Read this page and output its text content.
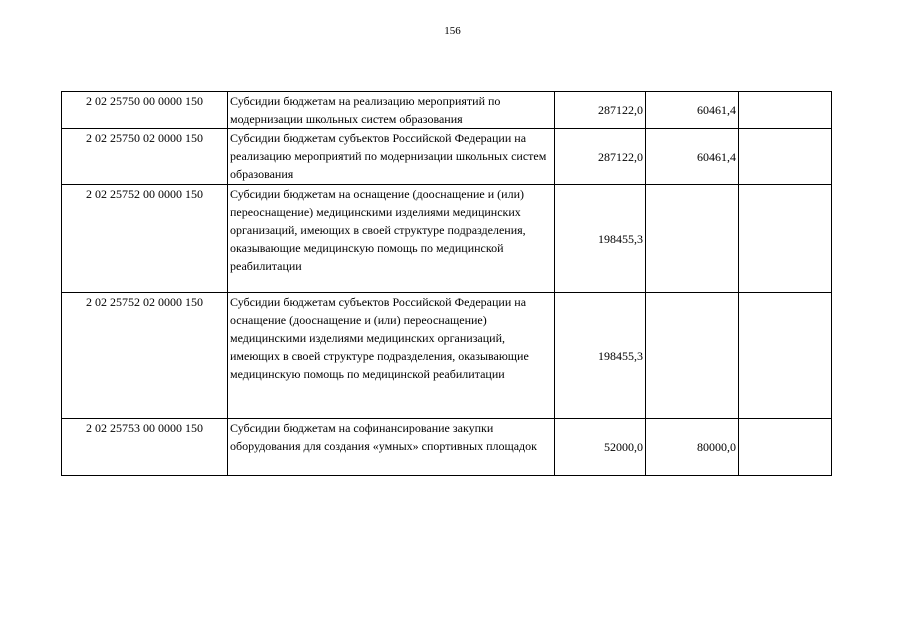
156
2 02 25750 00 0000 150	Субсидии бюджетам на реализацию мероприятий по модернизации школьных систем образования	287122,0	60461,4	
2 02 25750 02 0000 150	Субсидии бюджетам субъектов Российской Федерации на реализацию мероприятий по модернизации школьных систем образования	287122,0	60461,4	
2 02 25752 00 0000 150	Субсидии бюджетам на оснащение (дооснащение и (или) переоснащение) медицинскими изделиями медицинских организаций, имеющих в своей структуре подразделения, оказывающие медицинскую помощь по медицинской реабилитации	198455,3		
2 02 25752 02 0000 150	Субсидии бюджетам субъектов Российской Федерации на оснащение (дооснащение и (или) переоснащение) медицинскими изделиями медицинских организаций, имеющих в своей структуре подразделения, оказывающие медицинскую помощь по медицинской реабилитации	198455,3		
2 02 25753 00 0000 150	Субсидии бюджетам на софинансирование закупки оборудования для создания «умных» спортивных площадок	52000,0	80000,0	
